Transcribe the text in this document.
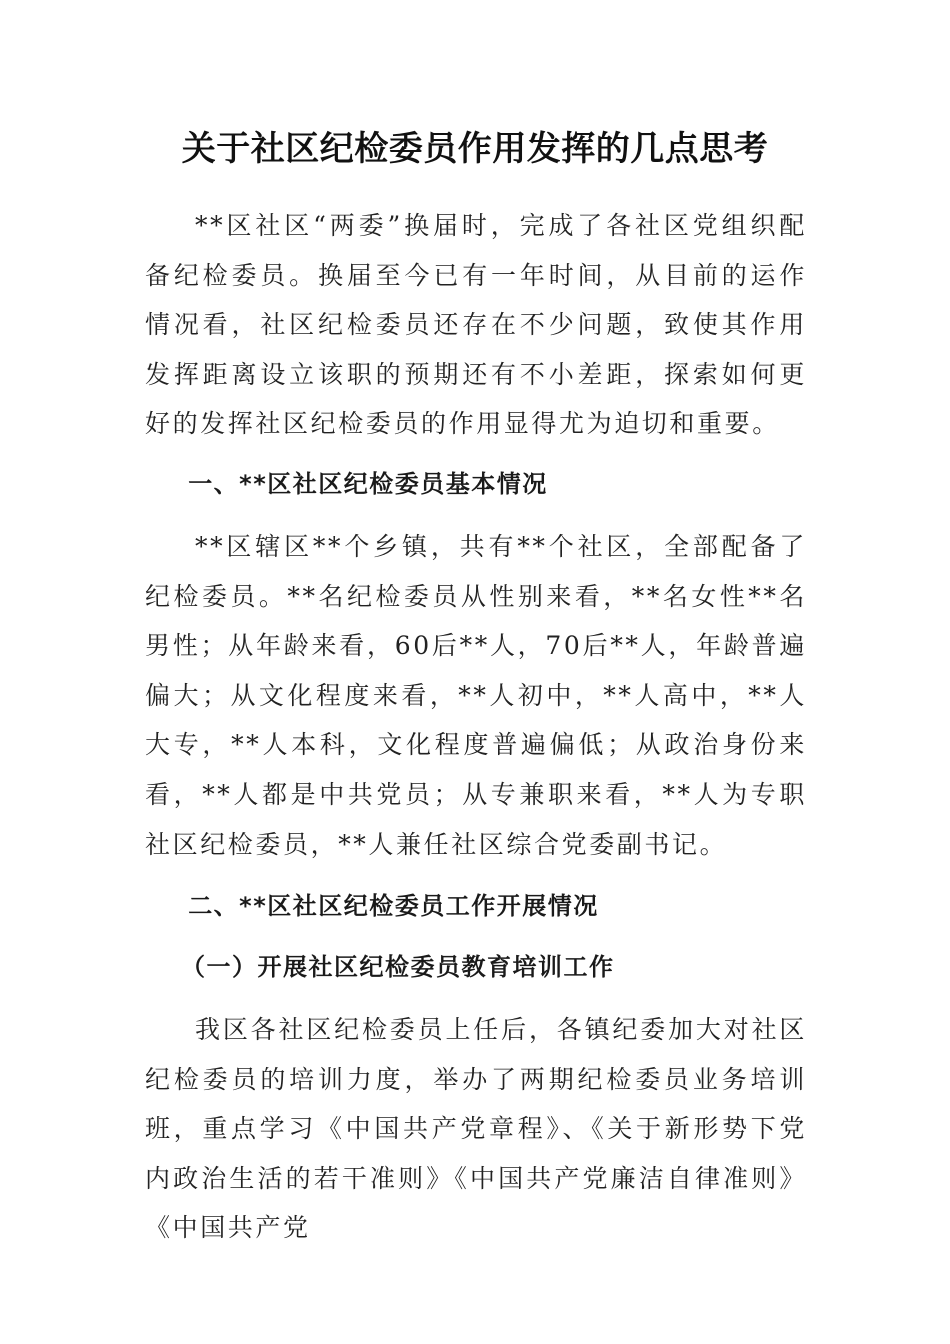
关于社区纪检委员作用发挥的几点思考

**区社区“两委”换届时，完成了各社区党组织配备纪检委员。换届至今已有一年时间，从目前的运作情况看，社区纪检委员还存在不少问题，致使其作用发挥距离设立该职的预期还有不小差距，探索如何更好的发挥社区纪检委员的作用显得尤为迫切和重要。

一、**区社区纪检委员基本情况

**区辖区**个乡镇，共有**个社区，全部配备了纪检委员。**名纪检委员从性别来看，**名女性**名男性；从年龄来看，60后**人，70后**人，年龄普遍偏大；从文化程度来看，**人初中，**人高中，**人大专，**人本科，文化程度普遍偏低；从政治身份来看，**人都是中共党员；从专兼职来看，**人为专职社区纪检委员，**人兼任社区综合党委副书记。

二、**区社区纪检委员工作开展情况

（一）开展社区纪检委员教育培训工作

我区各社区纪检委员上任后，各镇纪委加大对社区纪检委员的培训力度，举办了两期纪检委员业务培训班，重点学习《中国共产党章程》、《关于新形势下党内政治生活的若干准则》《中国共产党廉洁自律准则》《中国共产党
